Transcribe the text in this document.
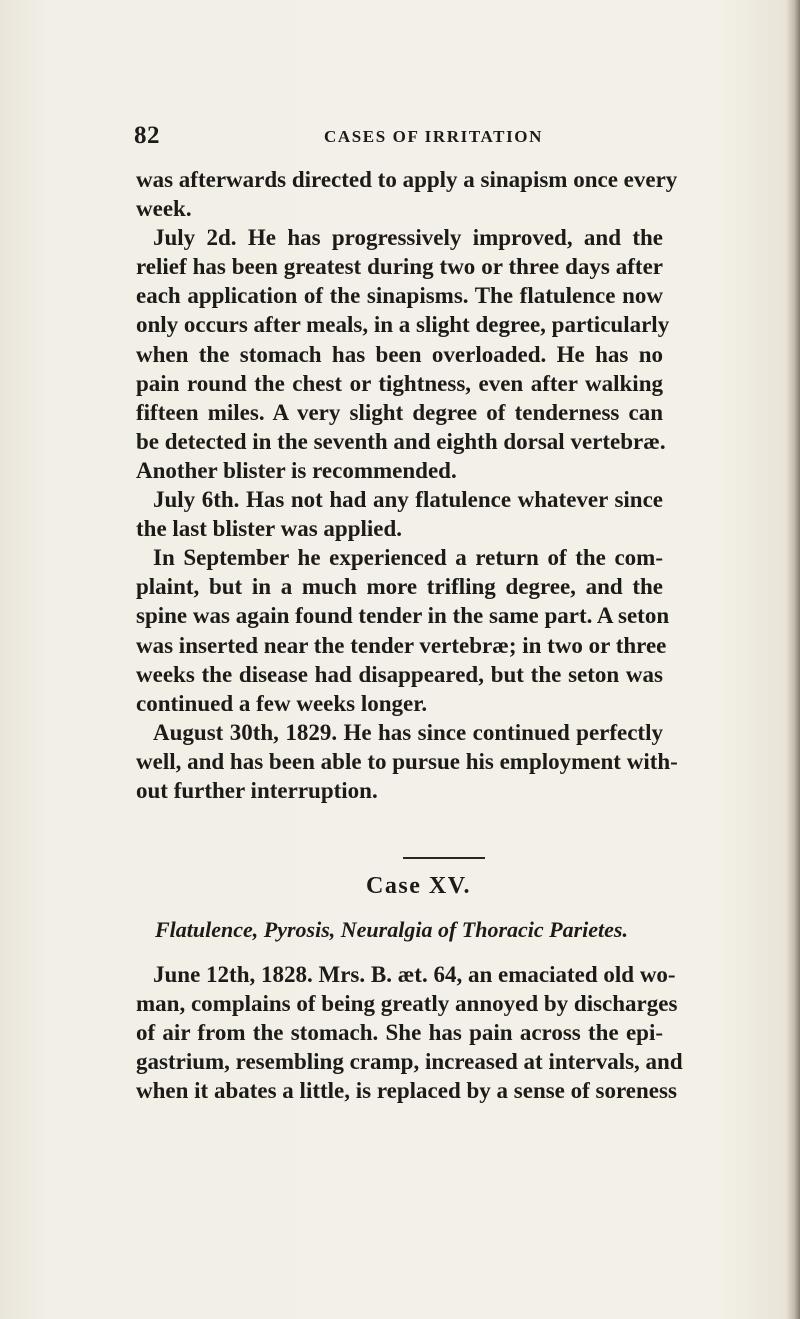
82	CASES OF IRRITATION
was afterwards directed to apply a sinapism once every
week.
July 2d. He has progressively improved, and the
relief has been greatest during two or three days after
each application of the sinapisms. The flatulence now
only occurs after meals, in a slight degree, particularly
when the stomach has been overloaded. He has no
pain round the chest or tightness, even after walking
fifteen miles. A very slight degree of tenderness can
be detected in the seventh and eighth dorsal vertebræ.
Another blister is recommended.
July 6th. Has not had any flatulence whatever since
the last blister was applied.
In September he experienced a return of the com-
plaint, but in a much more trifling degree, and the
spine was again found tender in the same part. A seton
was inserted near the tender vertebræ; in two or three
weeks the disease had disappeared, but the seton was
continued a few weeks longer.
August 30th, 1829. He has since continued perfectly
well, and has been able to pursue his employment with-
out further interruption.
Case XV.
Flatulence, Pyrosis, Neuralgia of Thoracic Parietes.
June 12th, 1828. Mrs. B. æt. 64, an emaciated old wo-
man, complains of being greatly annoyed by discharges
of air from the stomach. She has pain across the epi-
gastrium, resembling cramp, increased at intervals, and
when it abates a little, is replaced by a sense of soreness
